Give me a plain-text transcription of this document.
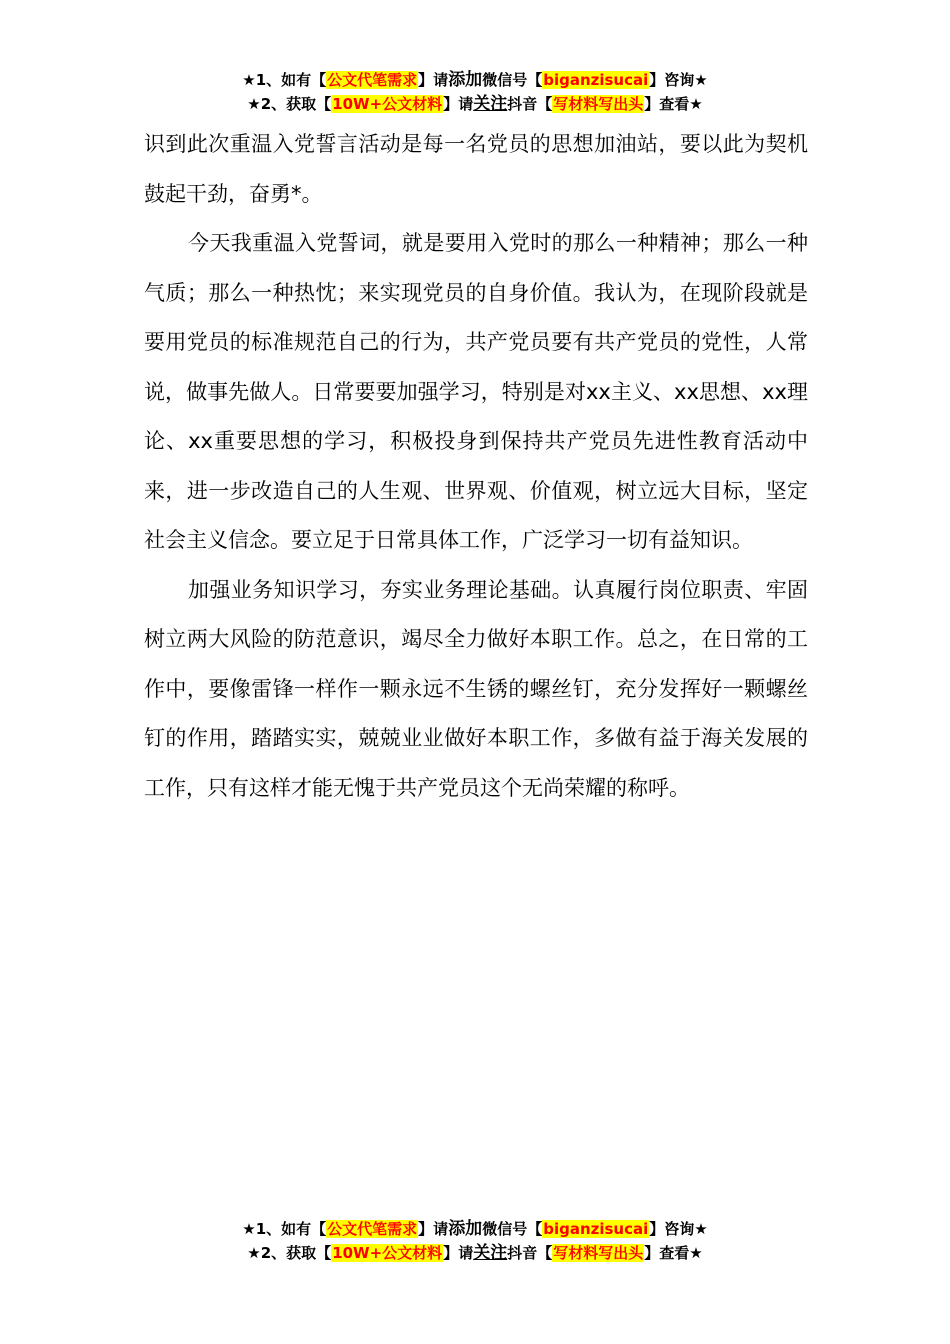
★1、如有【公文代笔需求】请添加微信号【biganzisucai】咨询★
★2、获取【10W+公文材料】请关注抖音【写材料写出头】查看★

识到此次重温入党誓言活动是每一名党员的思想加油站，要以此为契机鼓起干劲，奋勇*。

今天我重温入党誓词，就是要用入党时的那么一种精神；那么一种气质；那么一种热忱；来实现党员的自身价值。我认为，在现阶段就是要用党员的标准规范自己的行为，共产党员要有共产党员的党性，人常说，做事先做人。日常要要加强学习，特别是对xx主义、xx思想、xx理论、xx重要思想的学习，积极投身到保持共产党员先进性教育活动中来，进一步改造自己的人生观、世界观、价值观，树立远大目标，坚定社会主义信念。要立足于日常具体工作，广泛学习一切有益知识。

加强业务知识学习，夯实业务理论基础。认真履行岗位职责、牢固树立两大风险的防范意识，竭尽全力做好本职工作。总之，在日常的工作中，要像雷锋一样作一颗永远不生锈的螺丝钉，充分发挥好一颗螺丝钉的作用，踏踏实实，兢兢业业做好本职工作，多做有益于海关发展的工作，只有这样才能无愧于共产党员这个无尚荣耀的称呼。

★1、如有【公文代笔需求】请添加微信号【biganzisucai】咨询★
★2、获取【10W+公文材料】请关注抖音【写材料写出头】查看★
